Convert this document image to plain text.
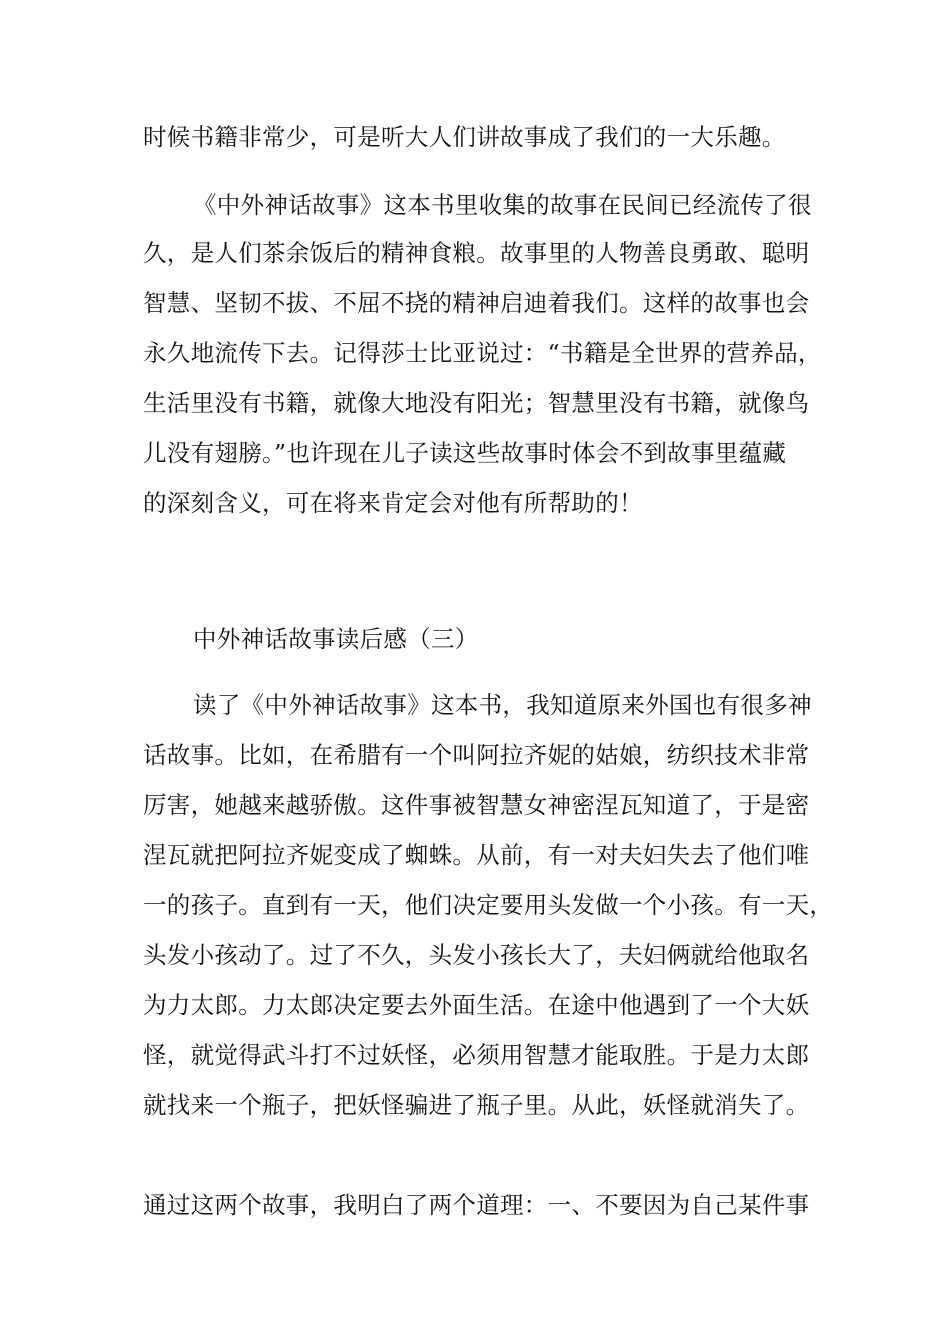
时候书籍非常少，可是听大人们讲故事成了我们的一大乐趣。
《中外神话故事》这本书里收集的故事在民间已经流传了很
久，是人们茶余饭后的精神食粮。故事里的人物善良勇敢、聪明
智慧、坚韧不拔、不屈不挠的精神启迪着我们。这样的故事也会
永久地流传下去。记得莎士比亚说过：“书籍是全世界的营养品，
生活里没有书籍，就像大地没有阳光；智慧里没有书籍，就像鸟
儿没有翅膀。”也许现在儿子读这些故事时体会不到故事里蕴藏
的深刻含义，可在将来肯定会对他有所帮助的！
中外神话故事读后感（三）
读了《中外神话故事》这本书，我知道原来外国也有很多神
话故事。比如，在希腊有一个叫阿拉齐妮的姑娘，纺织技术非常
厉害，她越来越骄傲。这件事被智慧女神密涅瓦知道了，于是密
涅瓦就把阿拉齐妮变成了蜘蛛。从前，有一对夫妇失去了他们唯
一的孩子。直到有一天，他们决定要用头发做一个小孩。有一天，
头发小孩动了。过了不久，头发小孩长大了，夫妇俩就给他取名
为力太郎。力太郎决定要去外面生活。在途中他遇到了一个大妖
怪，就觉得武斗打不过妖怪，必须用智慧才能取胜。于是力太郎
就找来一个瓶子，把妖怪骗进了瓶子里。从此，妖怪就消失了。
通过这两个故事，我明白了两个道理：一、不要因为自己某件事
